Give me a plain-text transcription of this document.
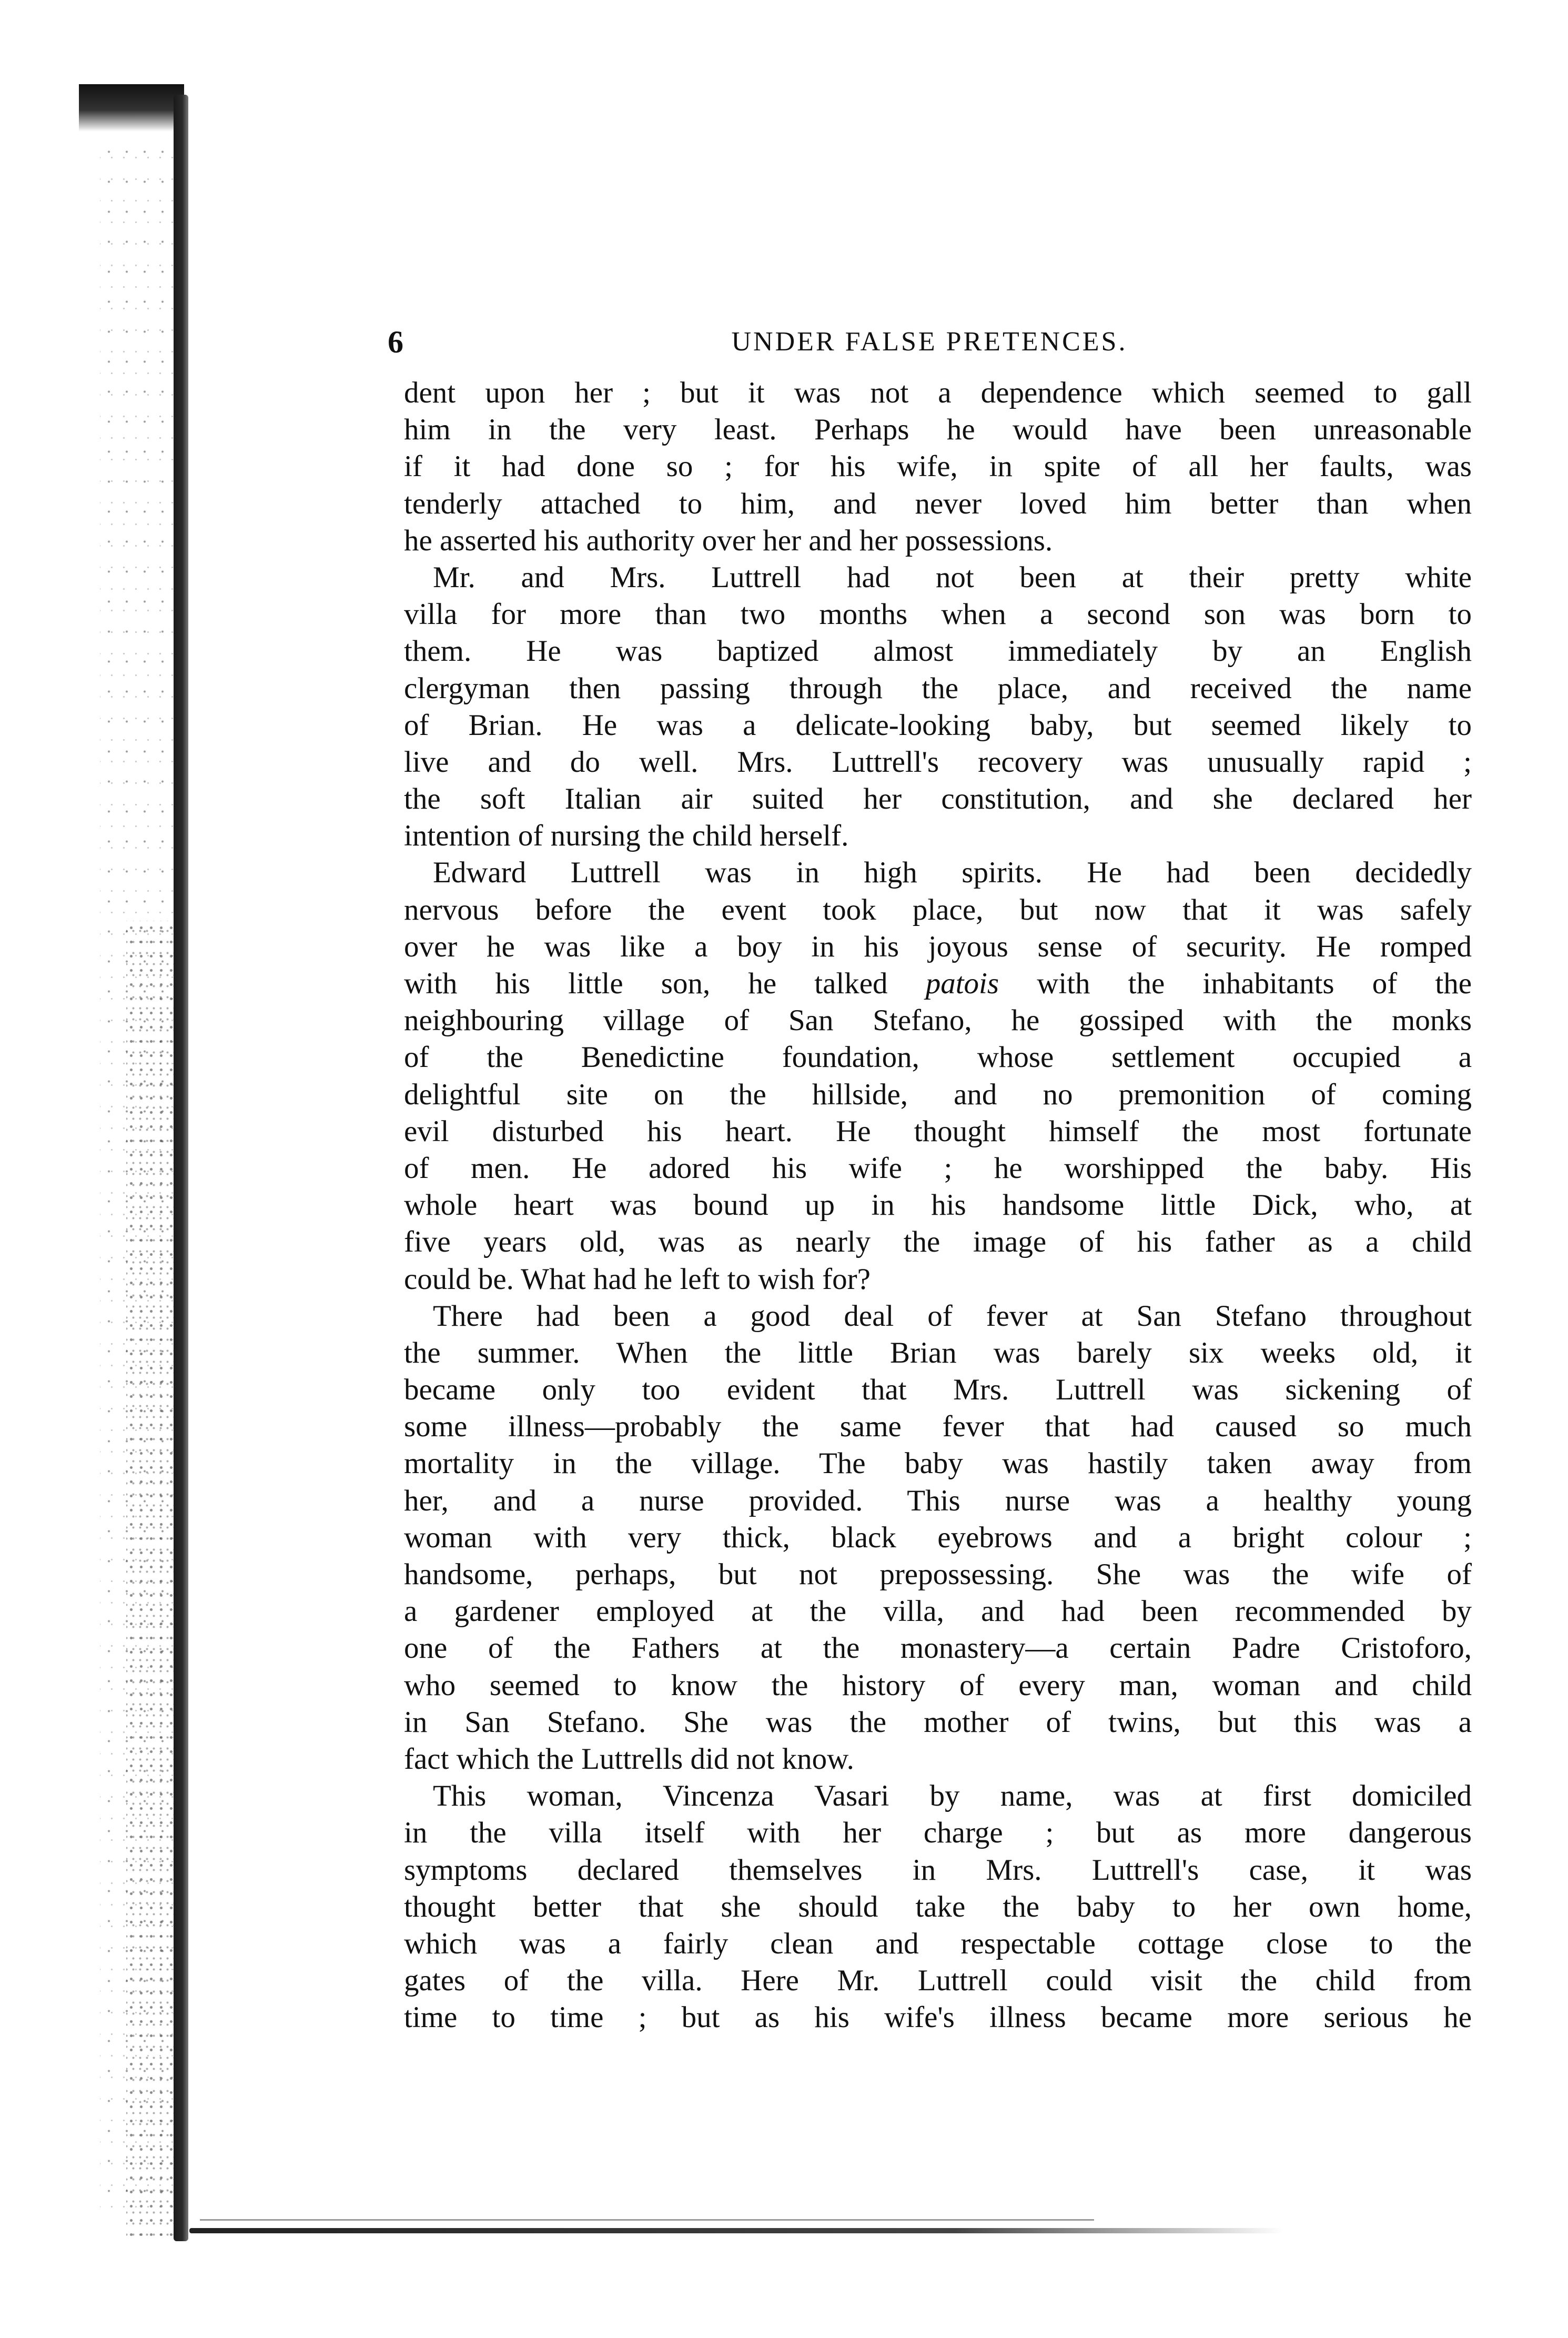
6	UNDER FALSE PRETENCES.
dent upon her ; but it was not a dependence which seemed to gall
him in the very least. Perhaps he would have been unreasonable
if it had done so ; for his wife, in spite of all her faults, was
tenderly attached to him, and never loved him better than when
he asserted his authority over her and her possessions.
Mr. and Mrs. Luttrell had not been at their pretty white
villa for more than two months when a second son was born to
them. He was baptized almost immediately by an English
clergyman then passing through the place, and received the name
of Brian. He was a delicate-looking baby, but seemed likely to
live and do well. Mrs. Luttrell's recovery was unusually rapid ;
the soft Italian air suited her constitution, and she declared her
intention of nursing the child herself.
Edward Luttrell was in high spirits. He had been decidedly
nervous before the event took place, but now that it was safely
over he was like a boy in his joyous sense of security. He romped
with his little son, he talked patois with the inhabitants of the
neighbouring village of San Stefano, he gossiped with the monks
of the Benedictine foundation, whose settlement occupied a
delightful site on the hillside, and no premonition of coming
evil disturbed his heart. He thought himself the most fortunate
of men. He adored his wife ; he worshipped the baby. His
whole heart was bound up in his handsome little Dick, who, at
five years old, was as nearly the image of his father as a child
could be. What had he left to wish for?
There had been a good deal of fever at San Stefano throughout
the summer. When the little Brian was barely six weeks old, it
became only too evident that Mrs. Luttrell was sickening of
some illness—probably the same fever that had caused so much
mortality in the village. The baby was hastily taken away from
her, and a nurse provided. This nurse was a healthy young
woman with very thick, black eyebrows and a bright colour ;
handsome, perhaps, but not prepossessing. She was the wife of
a gardener employed at the villa, and had been recommended by
one of the Fathers at the monastery—a certain Padre Cristoforo,
who seemed to know the history of every man, woman and child
in San Stefano. She was the mother of twins, but this was a
fact which the Luttrells did not know.
This woman, Vincenza Vasari by name, was at first domiciled
in the villa itself with her charge ; but as more dangerous
symptoms declared themselves in Mrs. Luttrell's case, it was
thought better that she should take the baby to her own home,
which was a fairly clean and respectable cottage close to the
gates of the villa. Here Mr. Luttrell could visit the child from
time to time ; but as his wife's illness became more serious he
